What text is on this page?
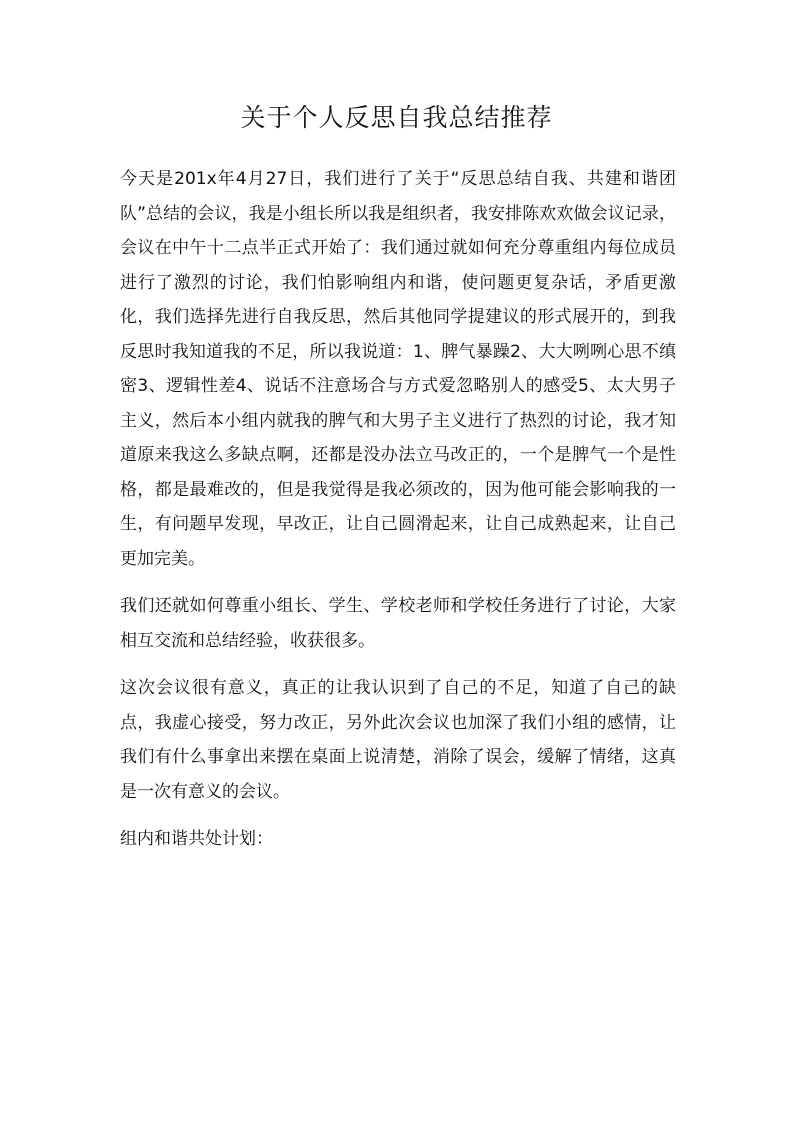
关于个人反思自我总结推荐

今天是201x年4月27日，我们进行了关于“反思总结自我、共建和谐团队”总结的会议，我是小组长所以我是组织者，我安排陈欢欢做会议记录，会议在中午十二点半正式开始了：我们通过就如何充分尊重组内每位成员进行了激烈的讨论，我们怕影响组内和谐，使问题更复杂话，矛盾更激化，我们选择先进行自我反思，然后其他同学提建议的形式展开的，到我反思时我知道我的不足，所以我说道：1、脾气暴躁2、大大咧咧心思不缜密3、逻辑性差4、说话不注意场合与方式爱忽略别人的感受5、太大男子主义，然后本小组内就我的脾气和大男子主义进行了热烈的讨论，我才知道原来我这么多缺点啊，还都是没办法立马改正的，一个是脾气一个是性格，都是最难改的，但是我觉得是我必须改的，因为他可能会影响我的一生，有问题早发现，早改正，让自己圆滑起来，让自己成熟起来，让自己更加完美。

我们还就如何尊重小组长、学生、学校老师和学校任务进行了讨论，大家相互交流和总结经验，收获很多。

这次会议很有意义，真正的让我认识到了自己的不足，知道了自己的缺点，我虚心接受，努力改正，另外此次会议也加深了我们小组的感情，让我们有什么事拿出来摆在桌面上说清楚，消除了误会，缓解了情绪，这真是一次有意义的会议。

组内和谐共处计划：
